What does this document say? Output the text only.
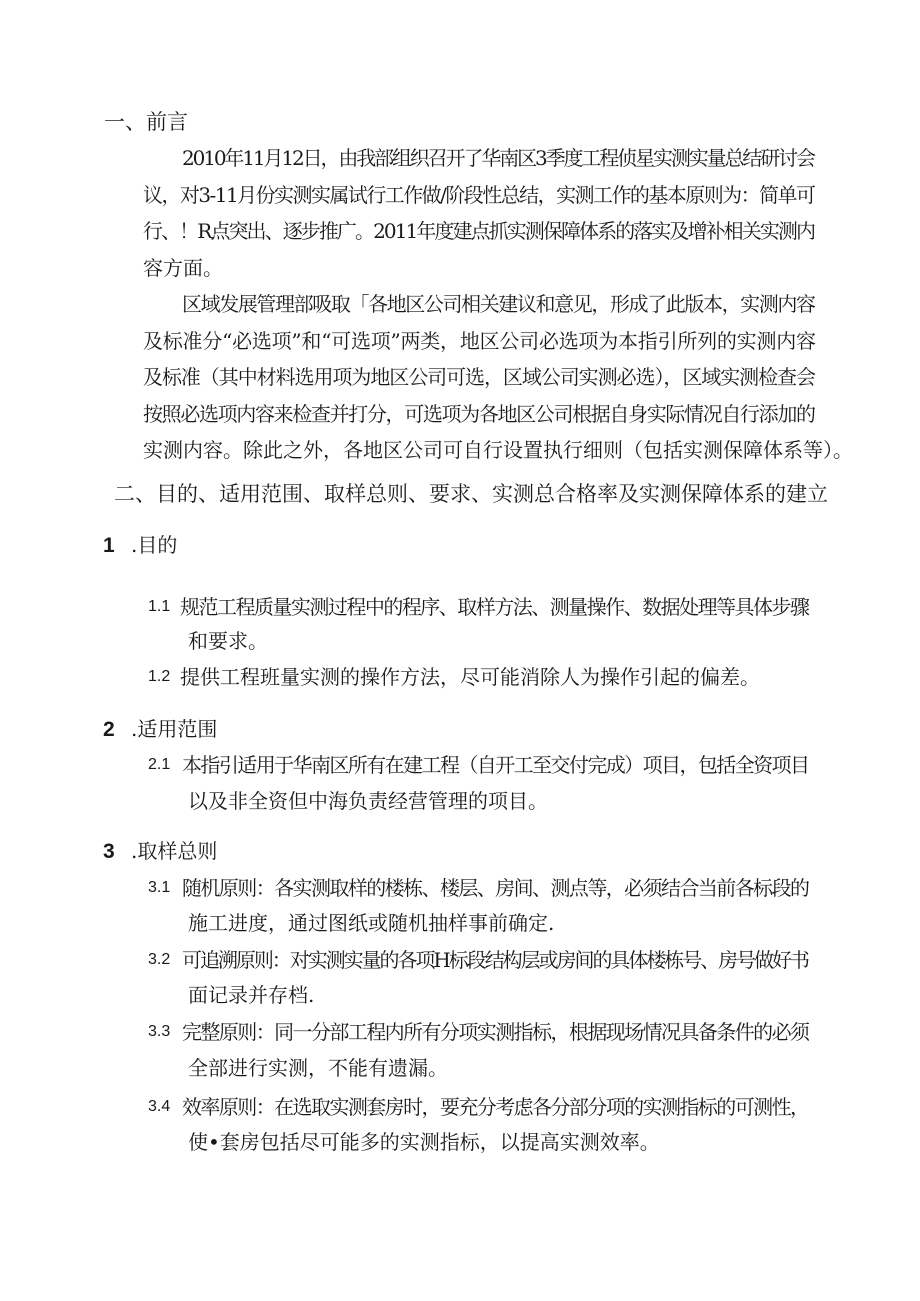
一、前言
2010年11月12日，由我部组织召开了华南区3季度工程侦星实测实量总结研讨会
议，对3-11月份实测实属试行工作做/阶段性总结，实测工作的基本原则为：简单可
行、！R点突出、逐步推广。2011年度建点抓实测保障体系的落实及增补相关实测内
容方面。
区域发展管理部吸取「各地区公司相关建议和意见，形成了此版本，实测内容
及标准分“必选项”和“可选项”两类，地区公司必选项为本指引所列的实测内容
及标准（其中材料选用项为地区公司可选，区域公司实测必选），区域实测检查会
按照必选项内容来检查并打分，可选项为各地区公司根据自身实际情况自行添加的
实测内容。除此之外，各地区公司可自行设置执行细则（包括实测保障体系等）。
二、目的、适用范围、取样总则、要求、实测总合格率及实测保障体系的建立
1 .目的
1.1 规范工程质量实测过程中的程序、取样方法、测量操作、数据处理等具体步骤
和要求。
1.2 提供工程班量实测的操作方法，尽可能消除人为操作引起的偏差。
2 .适用范围
2.1 本指引适用于华南区所有在建工程（自开工至交付完成）项目，包括全资项目
以及非全资但中海负责经营管理的项目。
3 .取样总则
3.1 随机原则：各实测取样的楼栋、楼层、房间、测点等，必须结合当前各标段的
施工进度，通过图纸或随机抽样事前确定.
3.2 可追溯原则：对实测实量的各项H标段结构层或房间的具体楼栋号、房号做好书
面记录并存档.
3.3 完整原则：同一分部工程内所有分项实测指标，根据现场情况具备条件的必须
全部进行实测，不能有遗漏。
3.4 效率原则：在选取实测套房时，要充分考虑各分部分项的实测指标的可测性，
使•套房包括尽可能多的实测指标，以提高实测效率。
